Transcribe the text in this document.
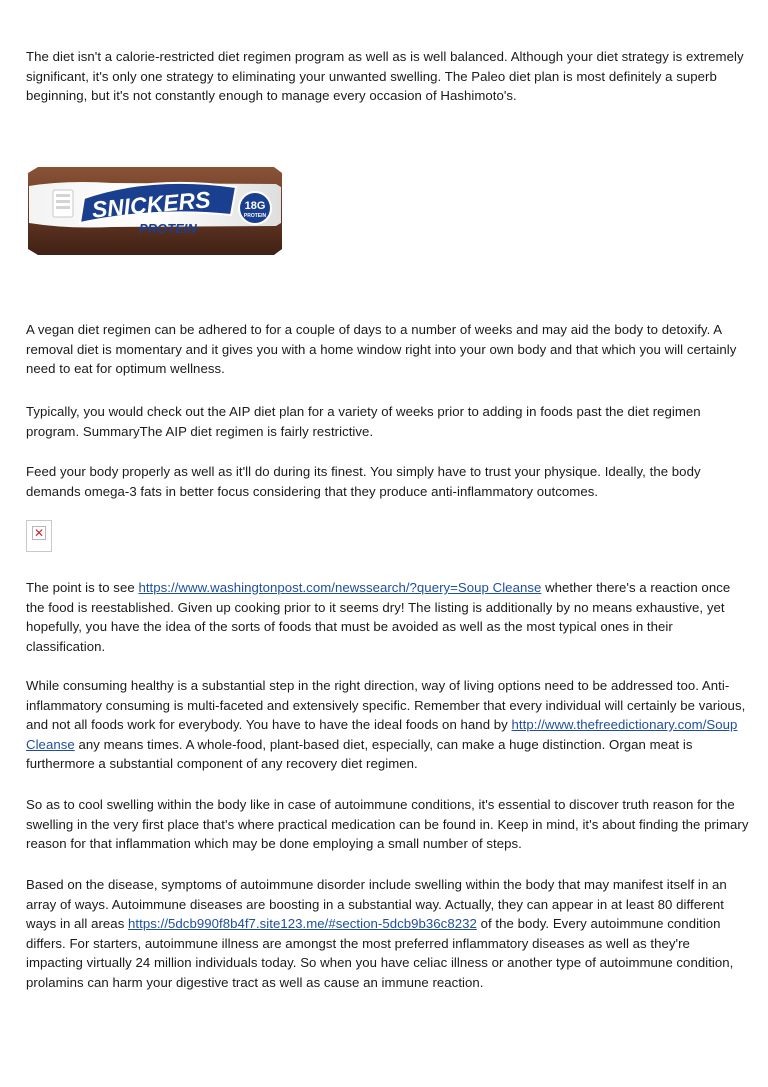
The diet isn't a calorie-restricted diet regimen program as well as is well balanced. Although your diet strategy is extremely significant, it's only one strategy to eliminating your unwanted swelling. The Paleo diet plan is most definitely a superb beginning, but it's not constantly enough to manage every occasion of Hashimoto's.

SNICKERS
PROTEIN
18G
PROTEIN

A vegan diet regimen can be adhered to for a couple of days to a number of weeks and may aid the body to detoxify. A removal diet is momentary and it gives you with a home window right into your own body and that which you will certainly need to eat for optimum wellness.

Typically, you would check out the AIP diet plan for a variety of weeks prior to adding in foods past the diet regimen program. SummaryThe AIP diet regimen is fairly restrictive.

Feed your body properly as well as it'll do during its finest. You simply have to trust your physique. Ideally, the body demands omega-3 fats in better focus considering that they produce anti-inflammatory outcomes.

✕

The point is to see https://www.washingtonpost.com/newssearch/?query=Soup Cleanse whether there's a reaction once the food is reestablished. Given up cooking prior to it seems dry! The listing is additionally by no means exhaustive, yet hopefully, you have the idea of the sorts of foods that must be avoided as well as the most typical ones in their classification.

While consuming healthy is a substantial step in the right direction, way of living options need to be addressed too. Anti-inflammatory consuming is multi-faceted and extensively specific. Remember that every individual will certainly be various, and not all foods work for everybody. You have to have the ideal foods on hand by http://www.thefreedictionary.com/Soup Cleanse any means times. A whole-food, plant-based diet, especially, can make a huge distinction. Organ meat is furthermore a substantial component of any recovery diet regimen.

So as to cool swelling within the body like in case of autoimmune conditions, it's essential to discover truth reason for the swelling in the very first place that's where practical medication can be found in. Keep in mind, it's about finding the primary reason for that inflammation which may be done employing a small number of steps.

Based on the disease, symptoms of autoimmune disorder include swelling within the body that may manifest itself in an array of ways. Autoimmune diseases are boosting in a substantial way. Actually, they can appear in at least 80 different ways in all areas https://5dcb990f8b4f7.site123.me/#section-5dcb9b36c8232 of the body. Every autoimmune condition differs. For starters, autoimmune illness are amongst the most preferred inflammatory diseases as well as they're impacting virtually 24 million individuals today. So when you have celiac illness or another type of autoimmune condition, prolamins can harm your digestive tract as well as cause an immune reaction.
